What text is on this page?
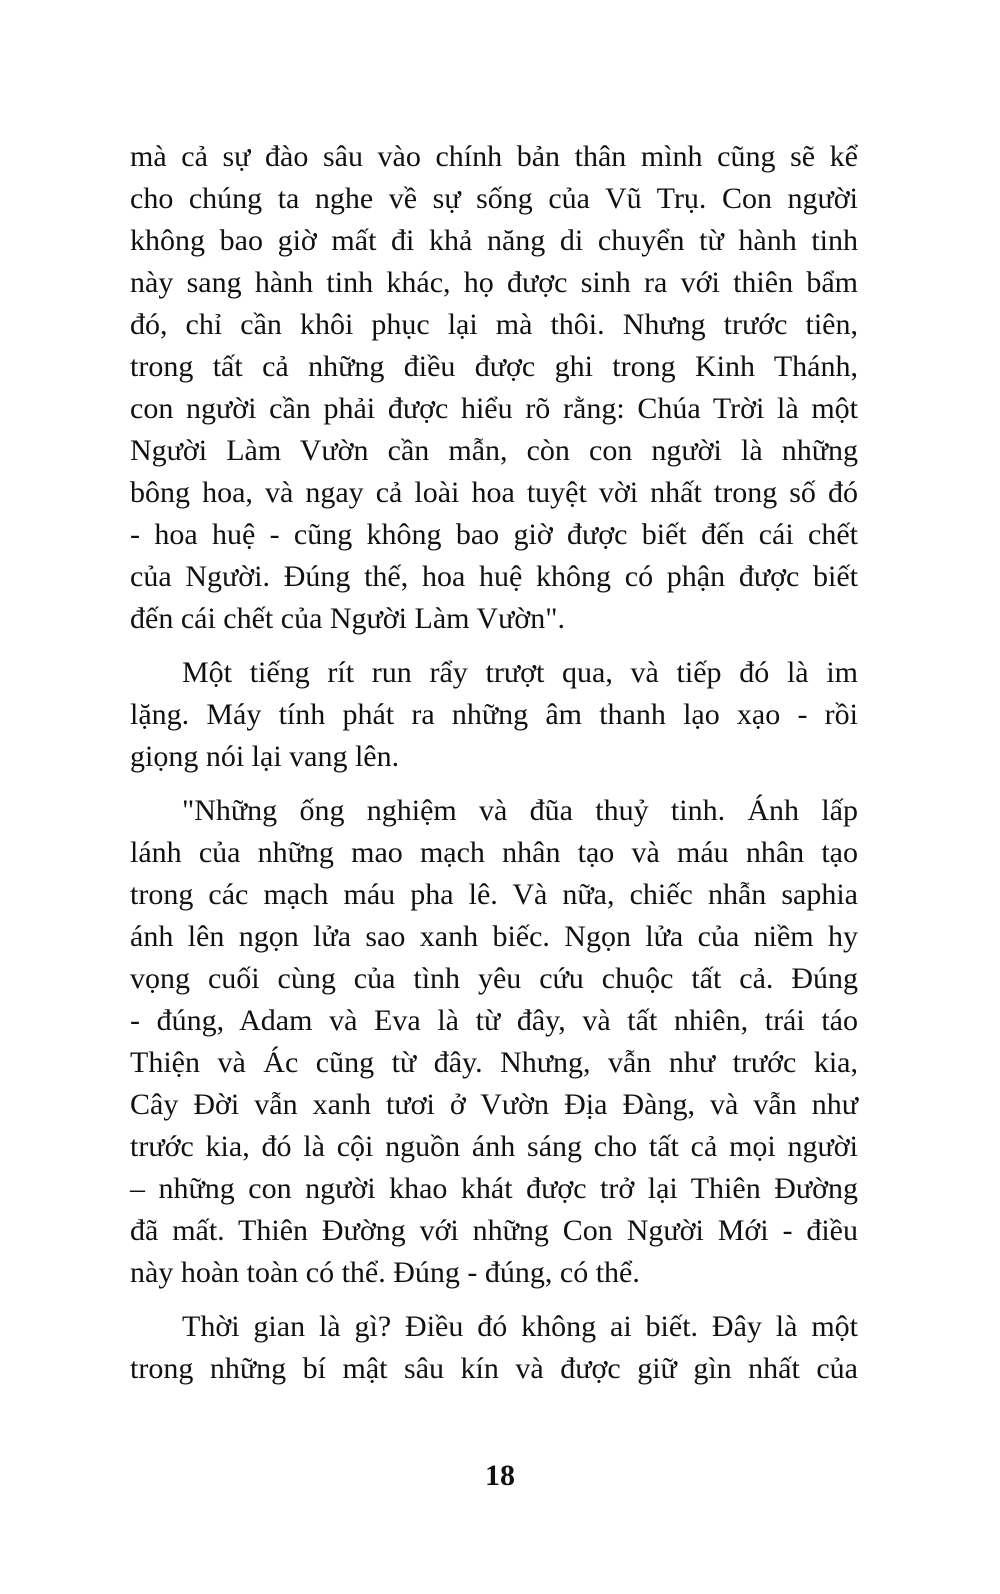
mà cả sự đào sâu vào chính bản thân mình cũng sẽ kể
cho chúng ta nghe về sự sống của Vũ Trụ. Con người
không bao giờ mất đi khả năng di chuyển từ hành tinh
này sang hành tinh khác, họ được sinh ra với thiên bẩm
đó, chỉ cần khôi phục lại mà thôi. Nhưng trước tiên,
trong tất cả những điều được ghi trong Kinh Thánh,
con người cần phải được hiểu rõ rằng: Chúa Trời là một
Người Làm Vườn cần mẫn, còn con người là những
bông hoa, và ngay cả loài hoa tuyệt vời nhất trong số đó
- hoa huệ - cũng không bao giờ được biết đến cái chết
của Người. Đúng thế, hoa huệ không có phận được biết
đến cái chết của Người Làm Vườn".
Một tiếng rít run rẩy trượt qua, và tiếp đó là im
lặng. Máy tính phát ra những âm thanh lạo xạo - rồi
giọng nói lại vang lên.
"Những ống nghiệm và đũa thuỷ tinh. Ánh lấp
lánh của những mao mạch nhân tạo và máu nhân tạo
trong các mạch máu pha lê. Và nữa, chiếc nhẫn saphia
ánh lên ngọn lửa sao xanh biếc. Ngọn lửa của niềm hy
vọng cuối cùng của tình yêu cứu chuộc tất cả. Đúng
- đúng, Adam và Eva là từ đây, và tất nhiên, trái táo
Thiện và Ác cũng từ đây. Nhưng, vẫn như trước kia,
Cây Đời vẫn xanh tươi ở Vườn Địa Đàng, và vẫn như
trước kia, đó là cội nguồn ánh sáng cho tất cả mọi người
– những con người khao khát được trở lại Thiên Đường
đã mất. Thiên Đường với những Con Người Mới - điều
này hoàn toàn có thể. Đúng - đúng, có thể.
Thời gian là gì? Điều đó không ai biết. Đây là một
trong những bí mật sâu kín và được giữ gìn nhất của
18
